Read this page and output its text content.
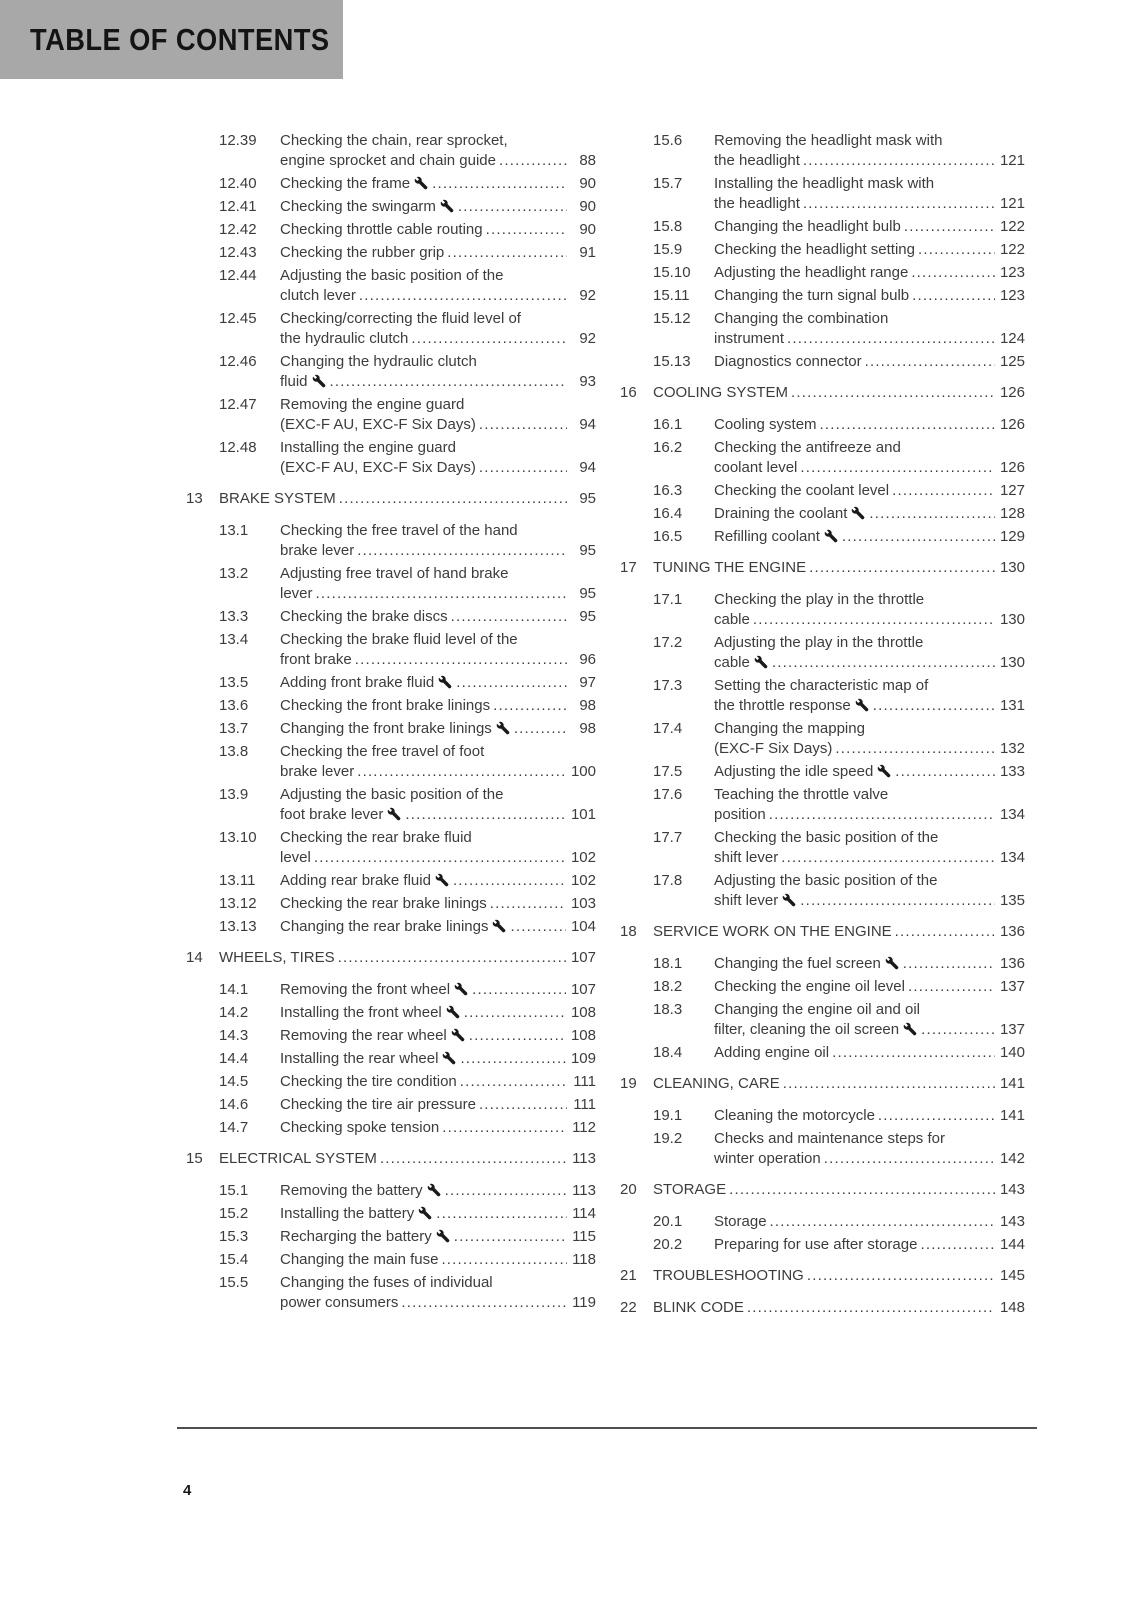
TABLE OF CONTENTS
12.39	Checking the chain, rear sprocket,
engine sprocket and chain guide .....	88
12.40	Checking the frame .....	90
12.41	Checking the swingarm .....	90
12.42	Checking throttle cable routing .....	90
12.43	Checking the rubber grip .....	91
12.44	Adjusting the basic position of the
clutch lever .....	92
12.45	Checking/correcting the fluid level of
the hydraulic clutch .....	92
12.46	Changing the hydraulic clutch
fluid .....	93
12.47	Removing the engine guard
(EXC-F AU, EXC-F Six Days) .....	94
12.48	Installing the engine guard
(EXC-F AU, EXC-F Six Days) .....	94
13	BRAKE SYSTEM .....	95
13.1	Checking the free travel of the hand
brake lever .....	95
13.2	Adjusting free travel of hand brake
lever .....	95
13.3	Checking the brake discs .....	95
13.4	Checking the brake fluid level of the
front brake .....	96
13.5	Adding front brake fluid .....	97
13.6	Checking the front brake linings .....	98
13.7	Changing the front brake linings .....	98
13.8	Checking the free travel of foot
brake lever .....	100
13.9	Adjusting the basic position of the
foot brake lever .....	101
13.10	Checking the rear brake fluid
level .....	102
13.11	Adding rear brake fluid .....	102
13.12	Checking the rear brake linings .....	103
13.13	Changing the rear brake linings .....	104
14	WHEELS, TIRES .....	107
14.1	Removing the front wheel .....	107
14.2	Installing the front wheel .....	108
14.3	Removing the rear wheel .....	108
14.4	Installing the rear wheel .....	109
14.5	Checking the tire condition .....	111
14.6	Checking the tire air pressure .....	111
14.7	Checking spoke tension .....	112
15	ELECTRICAL SYSTEM .....	113
15.1	Removing the battery .....	113
15.2	Installing the battery .....	114
15.3	Recharging the battery .....	115
15.4	Changing the main fuse .....	118
15.5	Changing the fuses of individual
power consumers .....	119
15.6	Removing the headlight mask with
the headlight .....	121
15.7	Installing the headlight mask with
the headlight .....	121
15.8	Changing the headlight bulb .....	122
15.9	Checking the headlight setting .....	122
15.10	Adjusting the headlight range .....	123
15.11	Changing the turn signal bulb .....	123
15.12	Changing the combination
instrument .....	124
15.13	Diagnostics connector .....	125
16	COOLING SYSTEM .....	126
16.1	Cooling system .....	126
16.2	Checking the antifreeze and
coolant level .....	126
16.3	Checking the coolant level .....	127
16.4	Draining the coolant .....	128
16.5	Refilling coolant .....	129
17	TUNING THE ENGINE .....	130
17.1	Checking the play in the throttle
cable .....	130
17.2	Adjusting the play in the throttle
cable .....	130
17.3	Setting the characteristic map of
the throttle response .....	131
17.4	Changing the mapping
(EXC-F Six Days) .....	132
17.5	Adjusting the idle speed .....	133
17.6	Teaching the throttle valve
position .....	134
17.7	Checking the basic position of the
shift lever .....	134
17.8	Adjusting the basic position of the
shift lever .....	135
18	SERVICE WORK ON THE ENGINE .....	136
18.1	Changing the fuel screen .....	136
18.2	Checking the engine oil level .....	137
18.3	Changing the engine oil and oil
filter, cleaning the oil screen .....	137
18.4	Adding engine oil .....	140
19	CLEANING, CARE .....	141
19.1	Cleaning the motorcycle .....	141
19.2	Checks and maintenance steps for
winter operation .....	142
20	STORAGE .....	143
20.1	Storage .....	143
20.2	Preparing for use after storage .....	144
21	TROUBLESHOOTING .....	145
22	BLINK CODE .....	148
4
